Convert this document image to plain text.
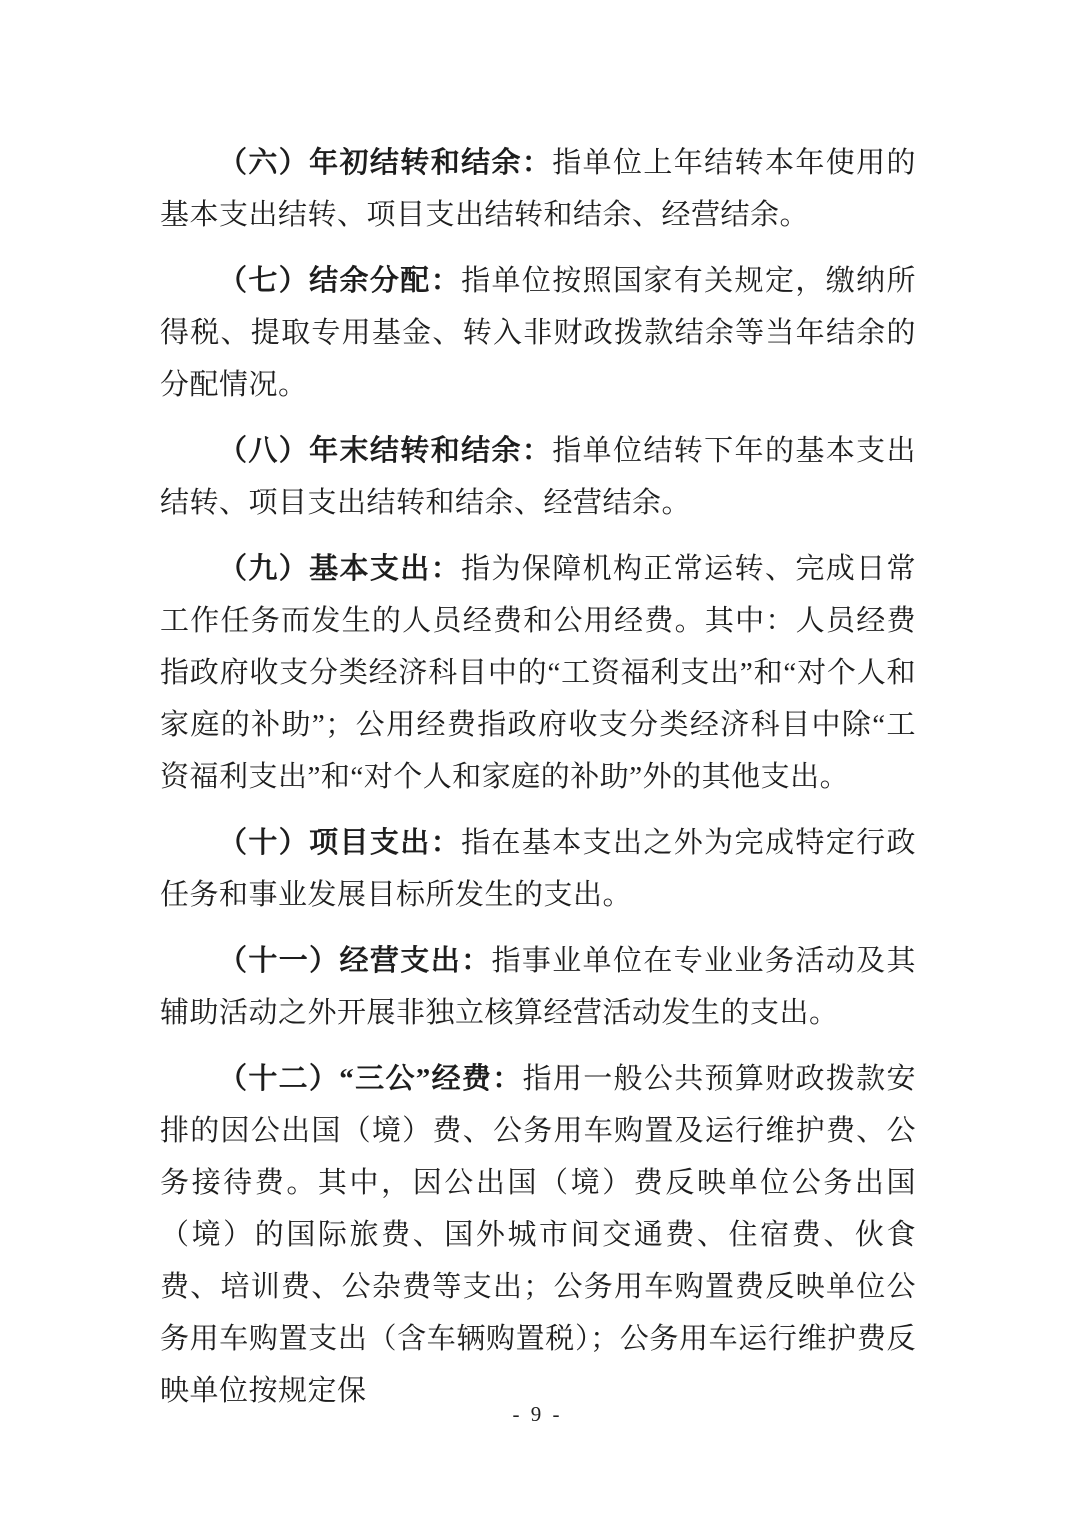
（六）年初结转和结余：指单位上年结转本年使用的基本支出结转、项目支出结转和结余、经营结余。

（七）结余分配：指单位按照国家有关规定，缴纳所得税、提取专用基金、转入非财政拨款结余等当年结余的分配情况。

（八）年末结转和结余：指单位结转下年的基本支出结转、项目支出结转和结余、经营结余。

（九）基本支出：指为保障机构正常运转、完成日常工作任务而发生的人员经费和公用经费。其中：人员经费指政府收支分类经济科目中的“工资福利支出”和“对个人和家庭的补助”；公用经费指政府收支分类经济科目中除“工资福利支出”和“对个人和家庭的补助”外的其他支出。

（十）项目支出：指在基本支出之外为完成特定行政任务和事业发展目标所发生的支出。

（十一）经营支出：指事业单位在专业业务活动及其辅助活动之外开展非独立核算经营活动发生的支出。

（十二）“三公”经费：指用一般公共预算财政拨款安排的因公出国（境）费、公务用车购置及运行维护费、公务接待费。其中，因公出国（境）费反映单位公务出国（境）的国际旅费、国外城市间交通费、住宿费、伙食费、培训费、公杂费等支出；公务用车购置费反映单位公务用车购置支出（含车辆购置税）；公务用车运行维护费反映单位按规定保

- 9 -
